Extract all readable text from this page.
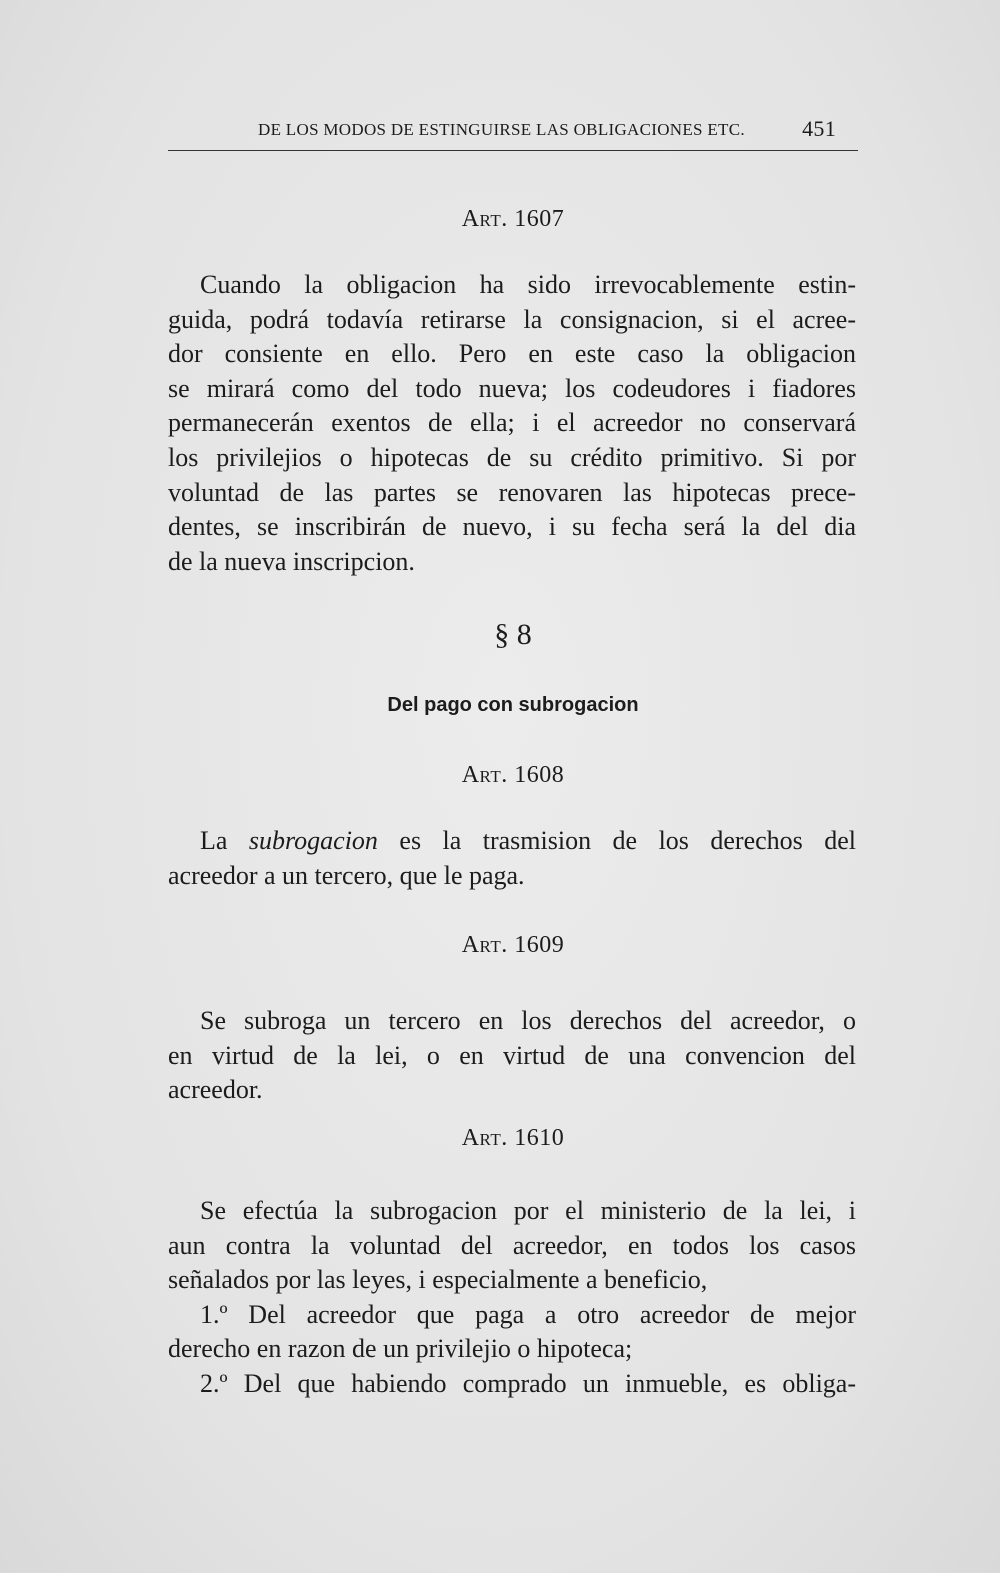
DE LOS MODOS DE ESTINGUIRSE LAS OBLIGACIONES ETC.	451
Art. 1607
Cuando la obligacion ha sido irrevocablemente estin-
guida, podrá todavía retirarse la consignacion, si el acree-
dor consiente en ello. Pero en este caso la obligacion
se mirará como del todo nueva; los codeudores i fiadores
permanecerán exentos de ella; i el acreedor no conservará
los privilejios o hipotecas de su crédito primitivo. Si por
voluntad de las partes se renovaren las hipotecas prece-
dentes, se inscribirán de nuevo, i su fecha será la del dia
de la nueva inscripcion.
§ 8
Del pago con subrogacion
Art. 1608
La subrogacion es la trasmision de los derechos del
acreedor a un tercero, que le paga.
Art. 1609
Se subroga un tercero en los derechos del acreedor, o
en virtud de la lei, o en virtud de una convencion del
acreedor.
Art. 1610
Se efectúa la subrogacion por el ministerio de la lei, i
aun contra la voluntad del acreedor, en todos los casos
señalados por las leyes, i especialmente a beneficio,
1.º Del acreedor que paga a otro acreedor de mejor
derecho en razon de un privilejio o hipoteca;
2.º Del que habiendo comprado un inmueble, es obliga-
